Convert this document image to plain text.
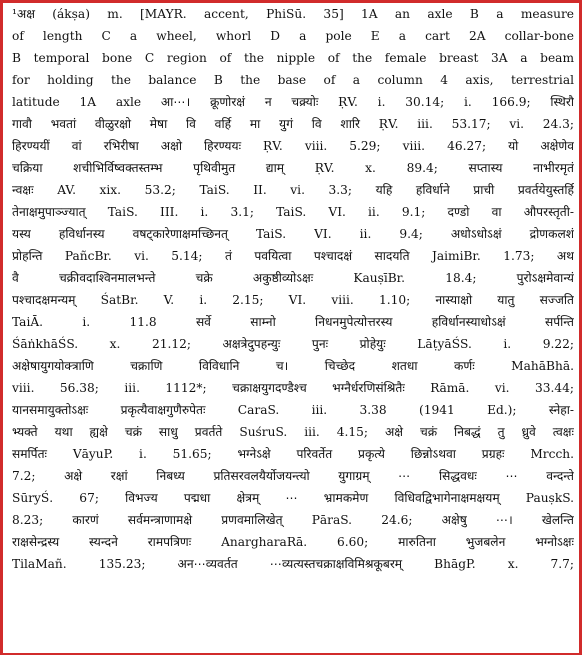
¹अक्ष (ákṣa) m. [MAYR. accent, PhiSū. 35] 1A an axle B a measure
of length C a wheel, whorl D a pole E a cart 2A collar-bone
B temporal bone C region of the nipple of the female breast 3A a beam
for holding the balance B the base of a column 4 axis, terrestrial
latitude 1A axle आ⋯। क्रूणोरक्षं न चक्र्योः ṚV. i. 30.14; i. 166.9; स्थिरौ
गावौ भवतां वीळुरक्षो मेषा वि वर्हि मा युगं वि शारि ṚV. iii. 53.17; vi. 24.3;
हिरण्ययीं वां रभिरीषा अक्षो हिरण्ययः ṚV. viii. 5.29; viii. 46.27; यो अक्षेणेव
चक्रिया शचीभिर्विष्वक्तस्तम्भ पृथिवीमुत द्याम् ṚV. x. 89.4; सप्तास्य नाभीरमृतं
न्वक्षः AV. xix. 53.2; TaiS. II. vi. 3.3; यहि हविर्धाने प्राची प्रवर्तयेयुस्तर्हि
तेनाक्षमुपाञ्ज्यात् TaiS. III. i. 3.1; TaiS. VI. ii. 9.1; दण्डो वा औपरस्तृती-
यस्य हविर्धानस्य वषट्कारेणाक्षमच्छिनत् TaiS. VI. ii. 9.4; अधोऽधोऽक्षं द्रोणकलशं
प्रोहन्ति PañcBr. vi. 5.14; तं पवयित्वा पश्चादक्षं सादयति JaimiBr. 1.73; अथ
वै चक्रीवदाश्विनमालभन्ते चक्रे अकुष्ठीव्योऽक्षः KauṣīBr. 18.4; पुरोऽक्षमेवान्यं
पश्चादक्षमन्यम् ŚatBr. V. i. 2.15; VI. viii. 1.10; नास्याक्षो यातु सज्जति
TaiĀ. i. 11.8 सर्वे साम्नो निधनमुपेत्योत्तरस्य हविर्धानस्याधोऽक्षं सर्पन्ति
ŚāṅkhāŚS. x. 21.12; अक्षत्रेदुपहन्युः पुनः प्रोहेयुः LāṭyāŚS. i. 9.22;
अक्षेषायुगयोक्त्राणि चक्राणि विविधानि च। चिच्छेद शतधा कर्णः MahāBhā.
viii. 56.38; iii. 1112*; चक्राक्षयुगदण्डैश्च भग्नैर्धरणिसंश्रितैः Rāmā. vi. 33.44;
यानसमायुक्तोऽक्षः प्रकृत्यैवाक्षगुणैरुपेतः CaraS. iii. 3.38 (1941 Ed.); स्नेहा-
भ्यक्ते यथा ह्यक्षे चक्रं साधु प्रवर्तते SuśruS. iii. 4.15; अक्षे चक्रं निबद्धं तु ध्रुवे त्वक्षः
समर्पितः VāyuP. i. 51.65; भग्नेऽक्षे परिवर्तेत प्रकृत्ये छिन्नोऽथवा प्रग्रहः Mrcch.
7.2; अक्षे रक्षां निबध्य प्रतिसरवलयैर्योजयन्त्यो युगाग्रम् ⋯ सिद्धवधः ⋯ वन्दन्ते
SūryŚ. 67; विभज्य पद्मधा क्षेत्रम् ⋯ भ्रामकमेण विधिवद्विभागेनाक्षमक्षयम् PauṣkS.
8.23; कारणं सर्वमन्त्राणामक्षे प्रणवमालिखेत् PāraS. 24.6; अक्षेषु ⋯। खेलन्ति
राक्षसेन्द्रस्य स्यन्दने रामपत्रिणः AnargharaRā. 6.60; मारुतिना भुजबलेन भग्नोऽक्षः
TilaMañ. 135.23; अन⋯व्यवर्तत ⋯व्यत्यस्तचक्राक्षविमिश्रकूबरम् BhāgP. x. 7.7;
